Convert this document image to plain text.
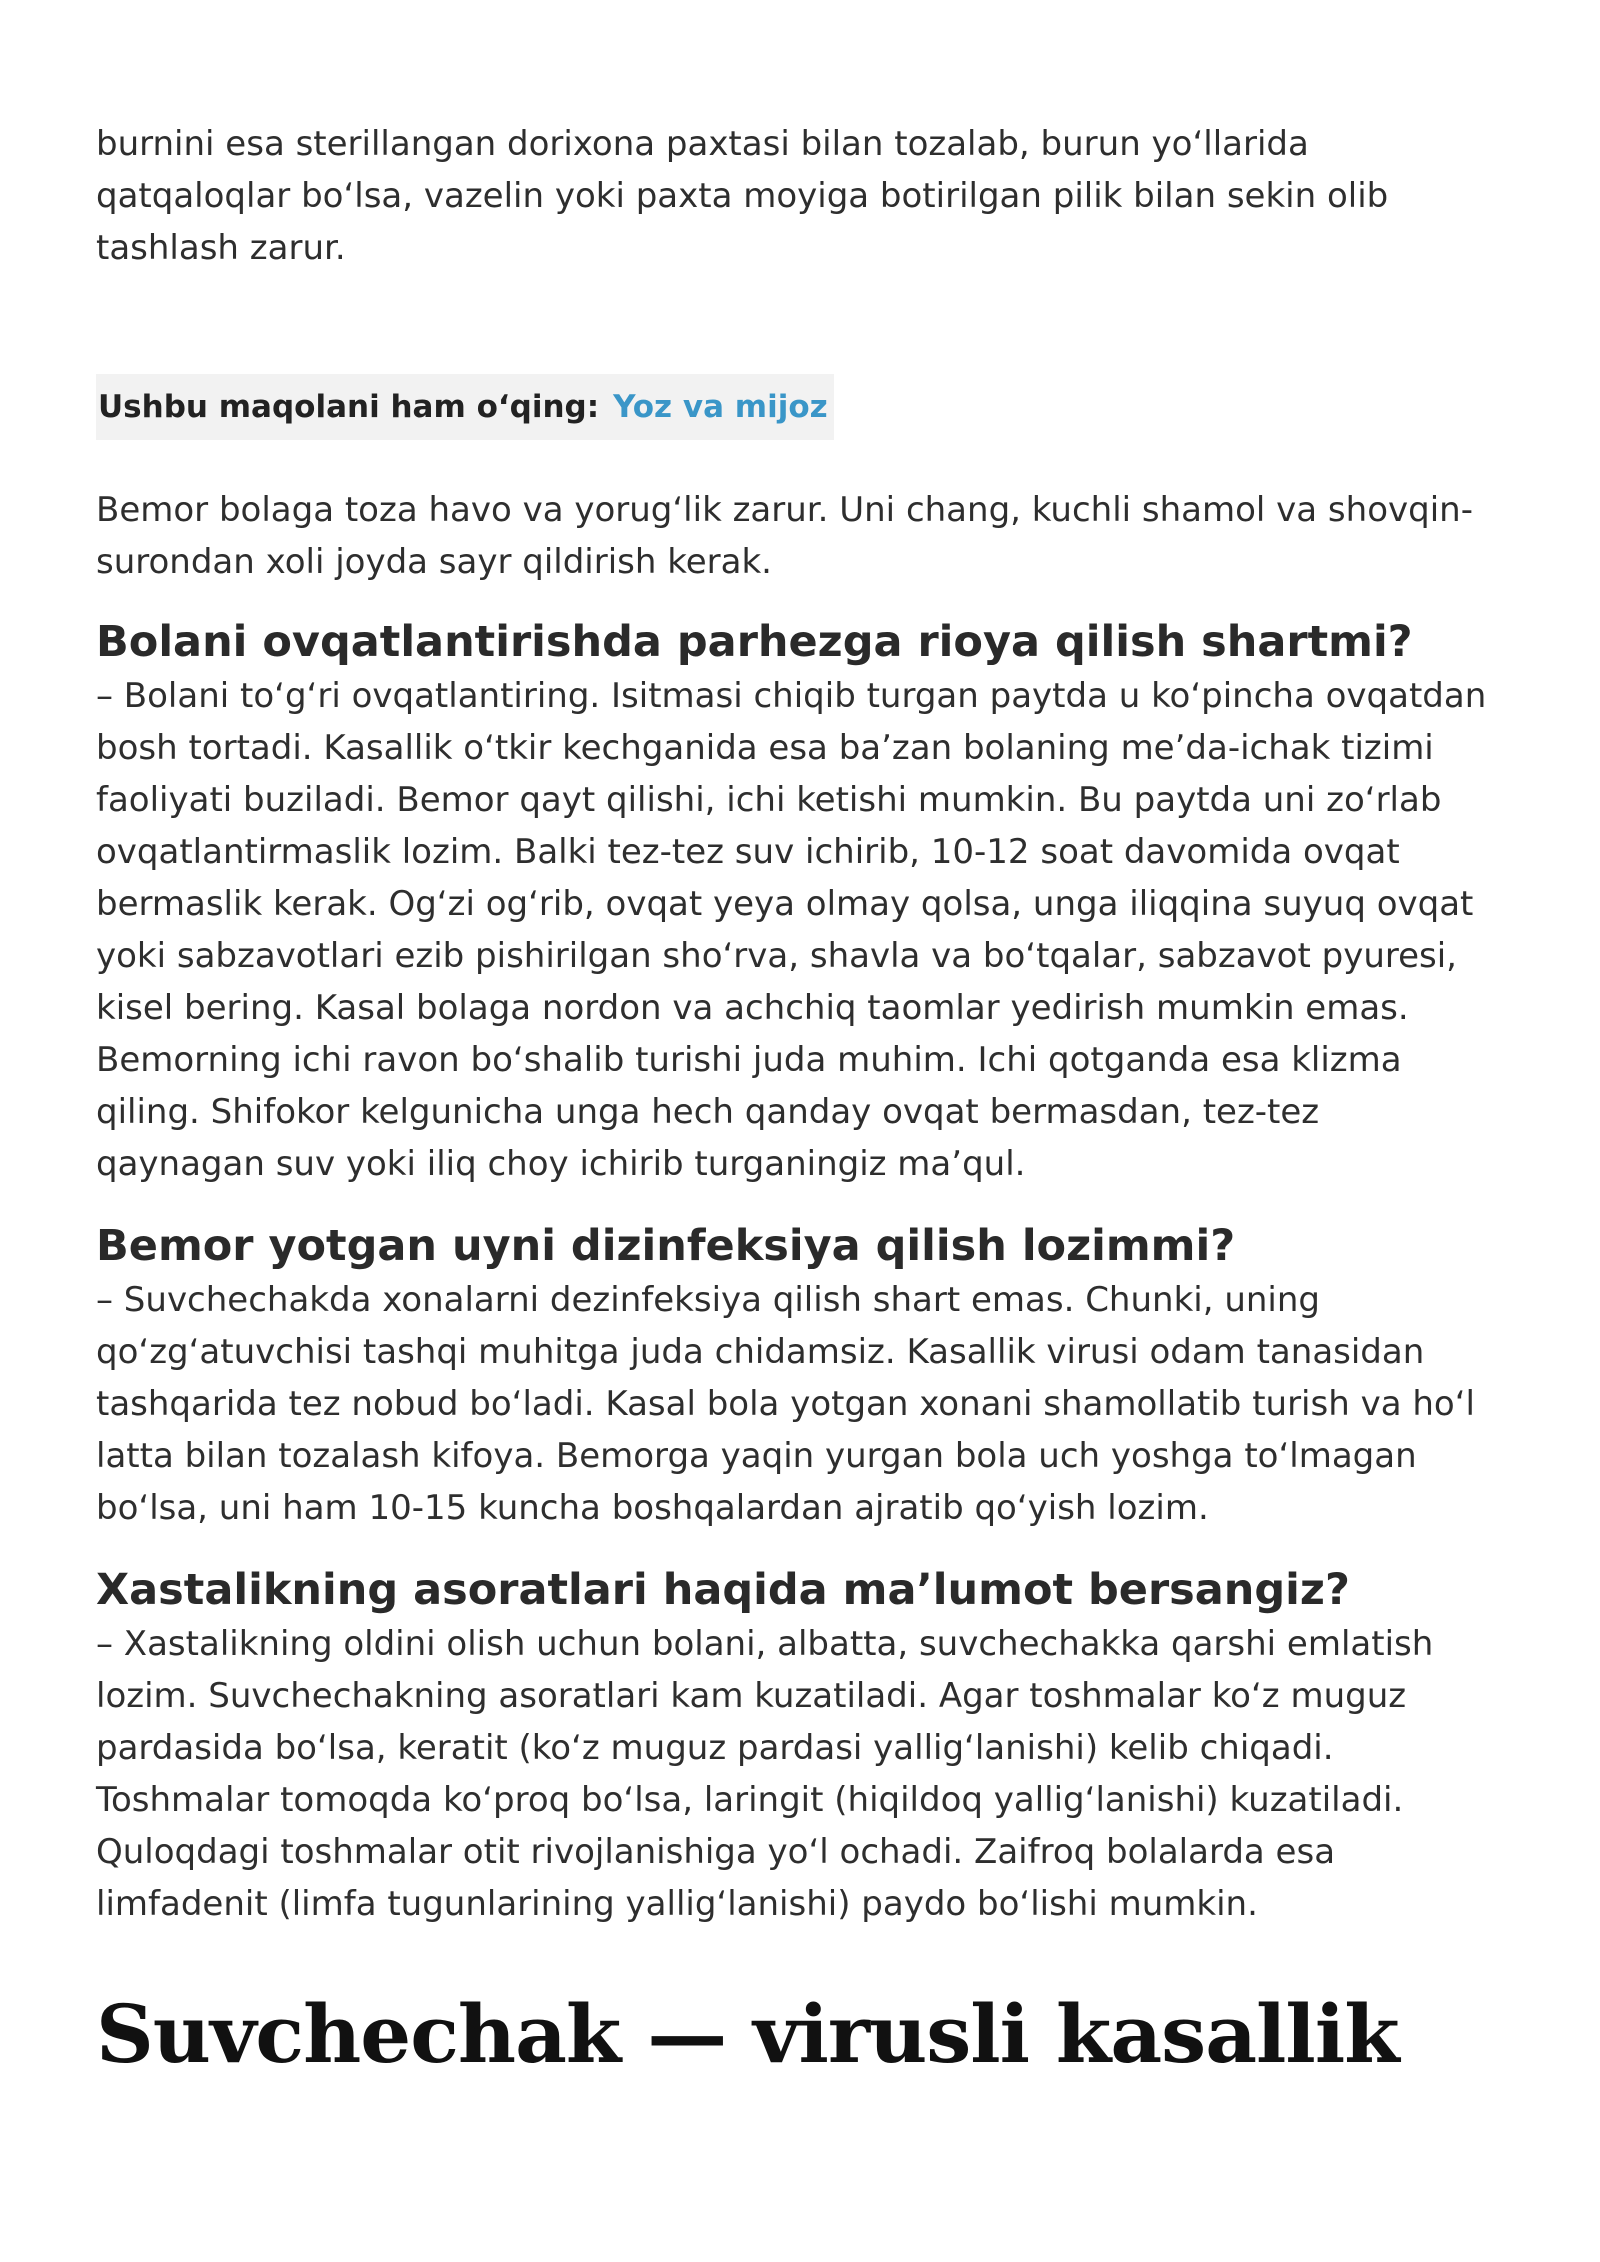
burnini esa sterillangan dorixona paxtasi bilan tozalab, burun yo‘llarida qatqaloqlar bo‘lsa, vazelin yoki paxta moyiga botirilgan pilik bilan sekin olib tashlash zarur.

Ushbu maqolani ham o‘qing: Yoz va mijoz

Bemor bolaga toza havo va yorug‘lik zarur. Uni chang, kuchli shamol va shovqin-surondan xoli joyda sayr qildirish kerak.

Bolani ovqatlantirishda parhezga rioya qilish shartmi?

– Bolani to‘g‘ri ovqatlantiring. Isitmasi chiqib turgan paytda u ko‘pincha ovqatdan bosh tortadi. Kasallik o‘tkir kechganida esa ba’zan bolaning me’da-ichak tizimi faoliyati buziladi. Bemor qayt qilishi, ichi ketishi mumkin. Bu paytda uni zo‘rlab ovqatlantirmaslik lozim. Balki tez-tez suv ichirib, 10-12 soat davomida ovqat bermaslik kerak. Og‘zi og‘rib, ovqat yeya olmay qolsa, unga iliqqina suyuq ovqat yoki sabzavotlari ezib pishirilgan sho‘rva, shavla va bo‘tqalar, sabzavot pyuresi, kisel bering. Kasal bolaga nordon va achchiq taomlar yedirish mumkin emas. Bemorning ichi ravon bo‘shalib turishi juda muhim. Ichi qotganda esa klizma qiling. Shifokor kelgunicha unga hech qanday ovqat bermasdan, tez-tez qaynagan suv yoki iliq choy ichirib turganingiz ma’qul.

Bemor yotgan uyni dizinfeksiya qilish lozimmi?

– Suvchechakda xonalarni dezinfeksiya qilish shart emas. Chunki, uning qo‘zg‘atuvchisi tashqi muhitga juda chidamsiz. Kasallik virusi odam tanasidan tashqarida tez nobud bo‘ladi. Kasal bola yotgan xonani shamollatib turish va ho‘l latta bilan tozalash kifoya. Bemorga yaqin yurgan bola uch yoshga to‘lmagan bo‘lsa, uni ham 10-15 kuncha boshqalardan ajratib qo‘yish lozim.

Xastalikning asoratlari haqida ma’lumot bersangiz?

– Xastalikning oldini olish uchun bolani, albatta, suvchechakka qarshi emlatish lozim. Suvchechakning asoratlari kam kuzatiladi. Agar toshmalar ko‘z muguz pardasida bo‘lsa, keratit (ko‘z muguz pardasi yallig‘lanishi) kelib chiqadi. Toshmalar tomoqda ko‘proq bo‘lsa, laringit (hiqildoq yallig‘lanishi) kuzatiladi. Quloqdagi toshmalar otit rivojlanishiga yo‘l ochadi. Zaifroq bolalarda esa limfadenit (limfa tugunlarining yallig‘lanishi) paydo bo‘lishi mumkin.

Suvchechak — virusli kasallik
